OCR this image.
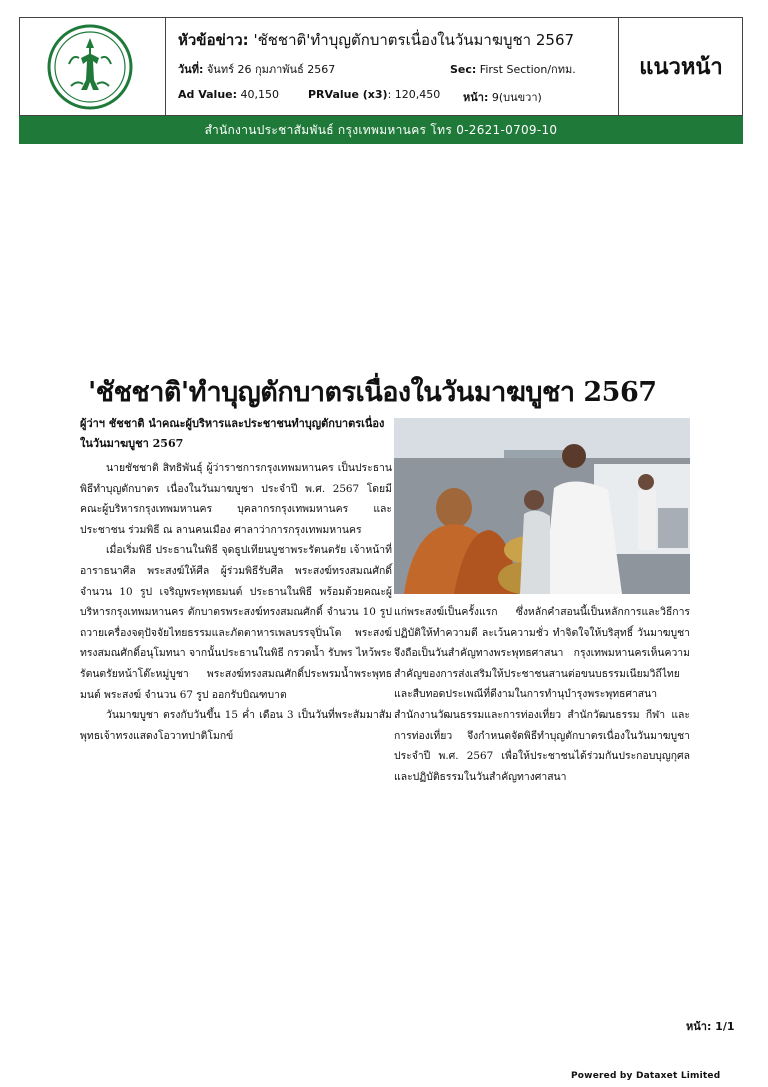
หัวข้อข่าว: 'ชัชชาติ'ทำบุญตักบาตรเนื่องในวันมาฆบูชา 2567
วันที่: จันทร์ 26 กุมภาพันธ์ 2567	Sec: First Section/กทม.
Ad Value: 40,150	PRValue (x3): 120,450 หน้า: 9(บนขวา)
แนวหน้า
สำนักงานประชาสัมพันธ์ กรุงเทพมหานคร โทร 0-2621-0709-10
'ชัชชาติ'ทำบุญตักบาตรเนื่องในวันมาฆบูชา 2567
ผู้ว่าฯ ชัชชาติ นำคณะผู้บริหารและประชาชนทำบุญตักบาตรเนื่องในวันมาฆบูชา 2567

นายชัชชาติ สิทธิพันธุ์ ผู้ว่าราชการกรุงเทพมหานคร เป็นประธานพิธีทำบุญตักบาตร เนื่องในวันมาฆบูชา ประจำปี พ.ศ. 2567 โดยมี คณะผู้บริหารกรุงเทพมหานคร บุคลากรกรุงเทพมหานคร และประชาชน ร่วมพิธี ณ ลานคนเมือง ศาลาว่าการกรุงเทพมหานคร

เมื่อเริ่มพิธี ประธานในพิธี จุดธูปเทียนบูชาพระรัตนตรัย เจ้าหน้าที่อาราธนาศีล พระสงฆ์ให้ศีล ผู้ร่วมพิธีรับศีล พระสงฆ์ทรงสมณศักดิ์ จำนวน 10 รูป เจริญพระพุทธมนต์ ประธานในพิธี พร้อมด้วยคณะผู้บริหารกรุงเทพมหานคร ตักบาตรพระสงฆ์ทรงสมณศักดิ์ จำนวน 10 รูป ถวายเครื่องจตุปัจจัยไทยธรรมและภัตตาหารเพลบรรจุปิ่นโต พระสงฆ์ทรงสมณศักดิ์อนุโมทนา จากนั้นประธานในพิธี กรวดน้ำ รับพร ไหว้พระรัตนตรัยหน้าโต๊ะหมู่บูชา พระสงฆ์ทรงสมณศักดิ์ประพรมน้ำพระพุทธมนต์ พระสงฆ์ จำนวน 67 รูป ออกรับบิณฑบาต

วันมาฆบูชา ตรงกับวันขึ้น 15 ค่ำ เดือน 3 เป็นวันที่พระสัมมาสัมพุทธเจ้าทรงแสดงโอวาทปาติโมกข์

แก่พระสงฆ์เป็นครั้งแรก ซึ่งหลักคำสอนนี้เป็นหลักการและวิธีการปฏิบัติให้ทำความดี ละเว้นความชั่ว ทำจิตใจให้บริสุทธิ์ วันมาฆบูชาจึงถือเป็นวันสำคัญทางพระพุทธศาสนา กรุงเทพมหานครเห็นความสำคัญของการส่งเสริมให้ประชาชนสานต่อขนบธรรมเนียมวิถีไทยและสืบทอดประเพณีที่ดีงามในการทำนุบำรุงพระพุทธศาสนา สำนักงานวัฒนธรรมและการท่องเที่ยว สำนักวัฒนธรรม กีฬา และการท่องเที่ยว จึงกำหนดจัดพิธีทำบุญตักบาตรเนื่องในวันมาฆบูชา ประจำปี พ.ศ. 2567 เพื่อให้ประชาชนได้ร่วมกันประกอบบุญกุศลและปฏิบัติธรรมในวันสำคัญทางศาสนา

หน้า: 1/1
Powered by Dataxet Limited
